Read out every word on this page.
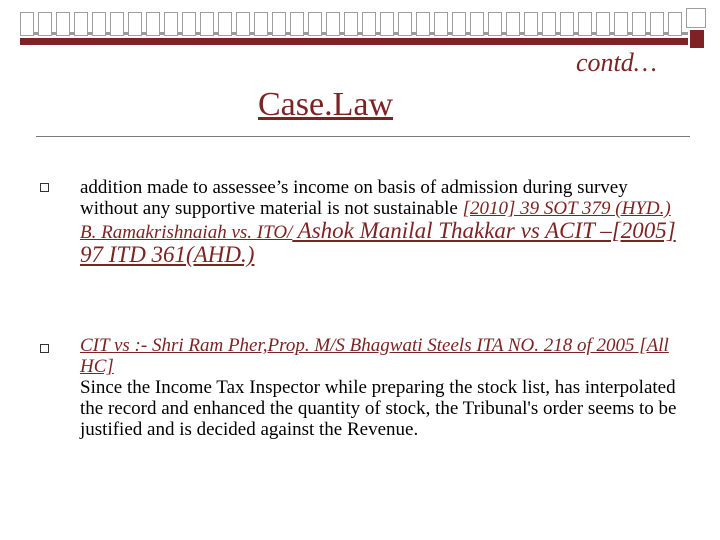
contd…
Case.Law
addition made to assessee’s income on basis of admission during survey without any supportive material is not sustainable [2010] 39 SOT 379 (HYD.) B. Ramakrishnaiah vs. ITO/ Ashok Manilal Thakkar vs ACIT –[2005] 97 ITD 361(AHD.)
CIT vs :- Shri Ram Pher,Prop. M/S Bhagwati Steels ITA NO. 218 of 2005 [All HC]
Since the Income Tax Inspector while preparing the stock list, has interpolated the record and enhanced the quantity of stock, the Tribunal's order seems to be justified and is decided against the Revenue.
